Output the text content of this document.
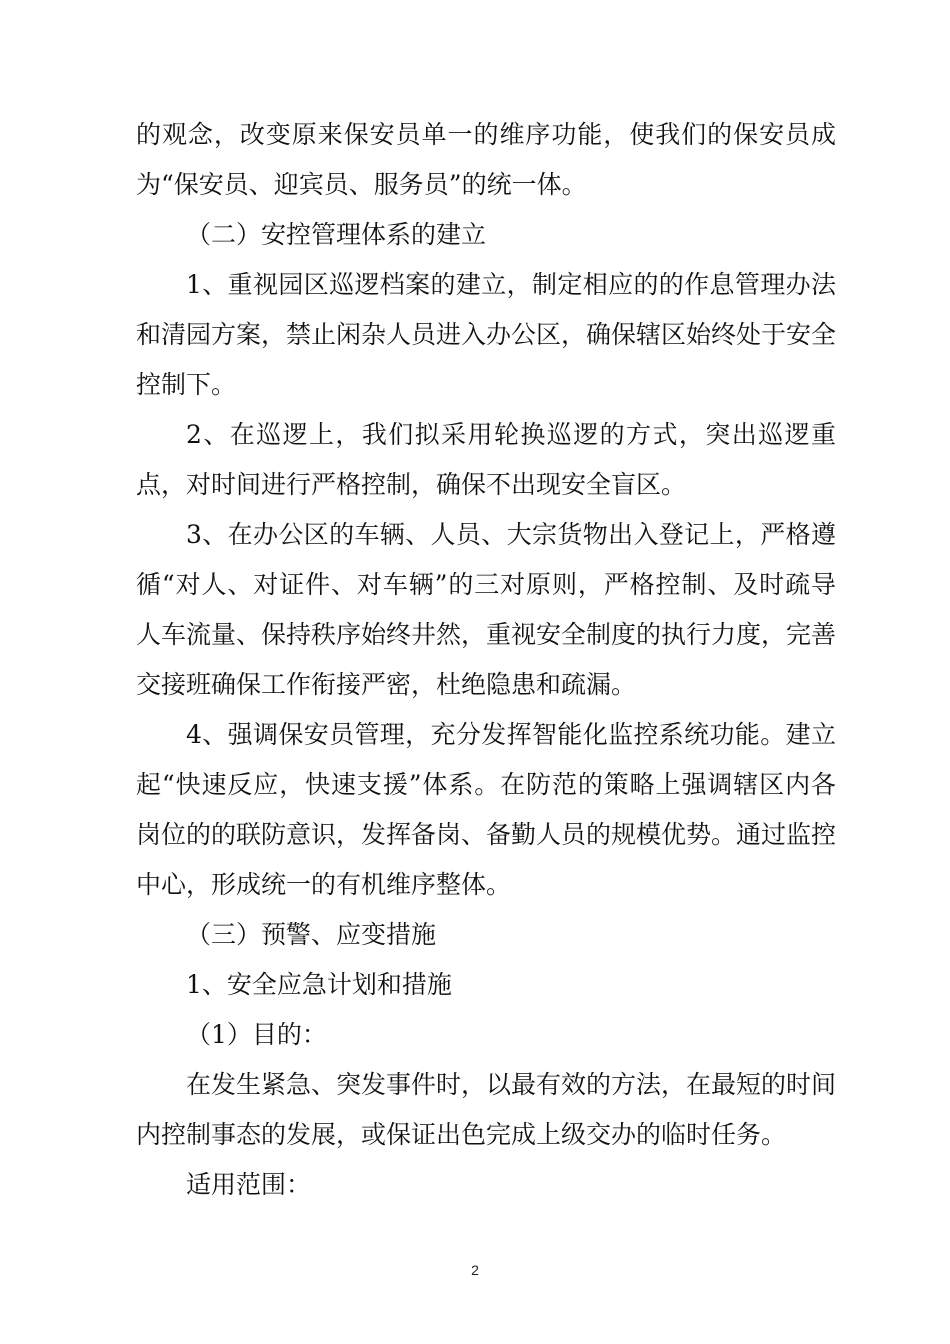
的观念，改变原来保安员单一的维序功能，使我们的保安员成为“保安员、迎宾员、服务员”的统一体。

（二）安控管理体系的建立

1、重视园区巡逻档案的建立，制定相应的的作息管理办法和清园方案，禁止闲杂人员进入办公区，确保辖区始终处于安全控制下。

2、在巡逻上，我们拟采用轮换巡逻的方式，突出巡逻重点，对时间进行严格控制，确保不出现安全盲区。

3、在办公区的车辆、人员、大宗货物出入登记上，严格遵循“对人、对证件、对车辆”的三对原则，严格控制、及时疏导人车流量、保持秩序始终井然，重视安全制度的执行力度，完善交接班确保工作衔接严密，杜绝隐患和疏漏。

4、强调保安员管理，充分发挥智能化监控系统功能。建立起“快速反应，快速支援”体系。在防范的策略上强调辖区内各岗位的的联防意识，发挥备岗、备勤人员的规模优势。通过监控中心，形成统一的有机维序整体。

（三）预警、应变措施

1、安全应急计划和措施

（1）目的：

在发生紧急、突发事件时，以最有效的方法，在最短的时间内控制事态的发展，或保证出色完成上级交办的临时任务。

适用范围：

2
